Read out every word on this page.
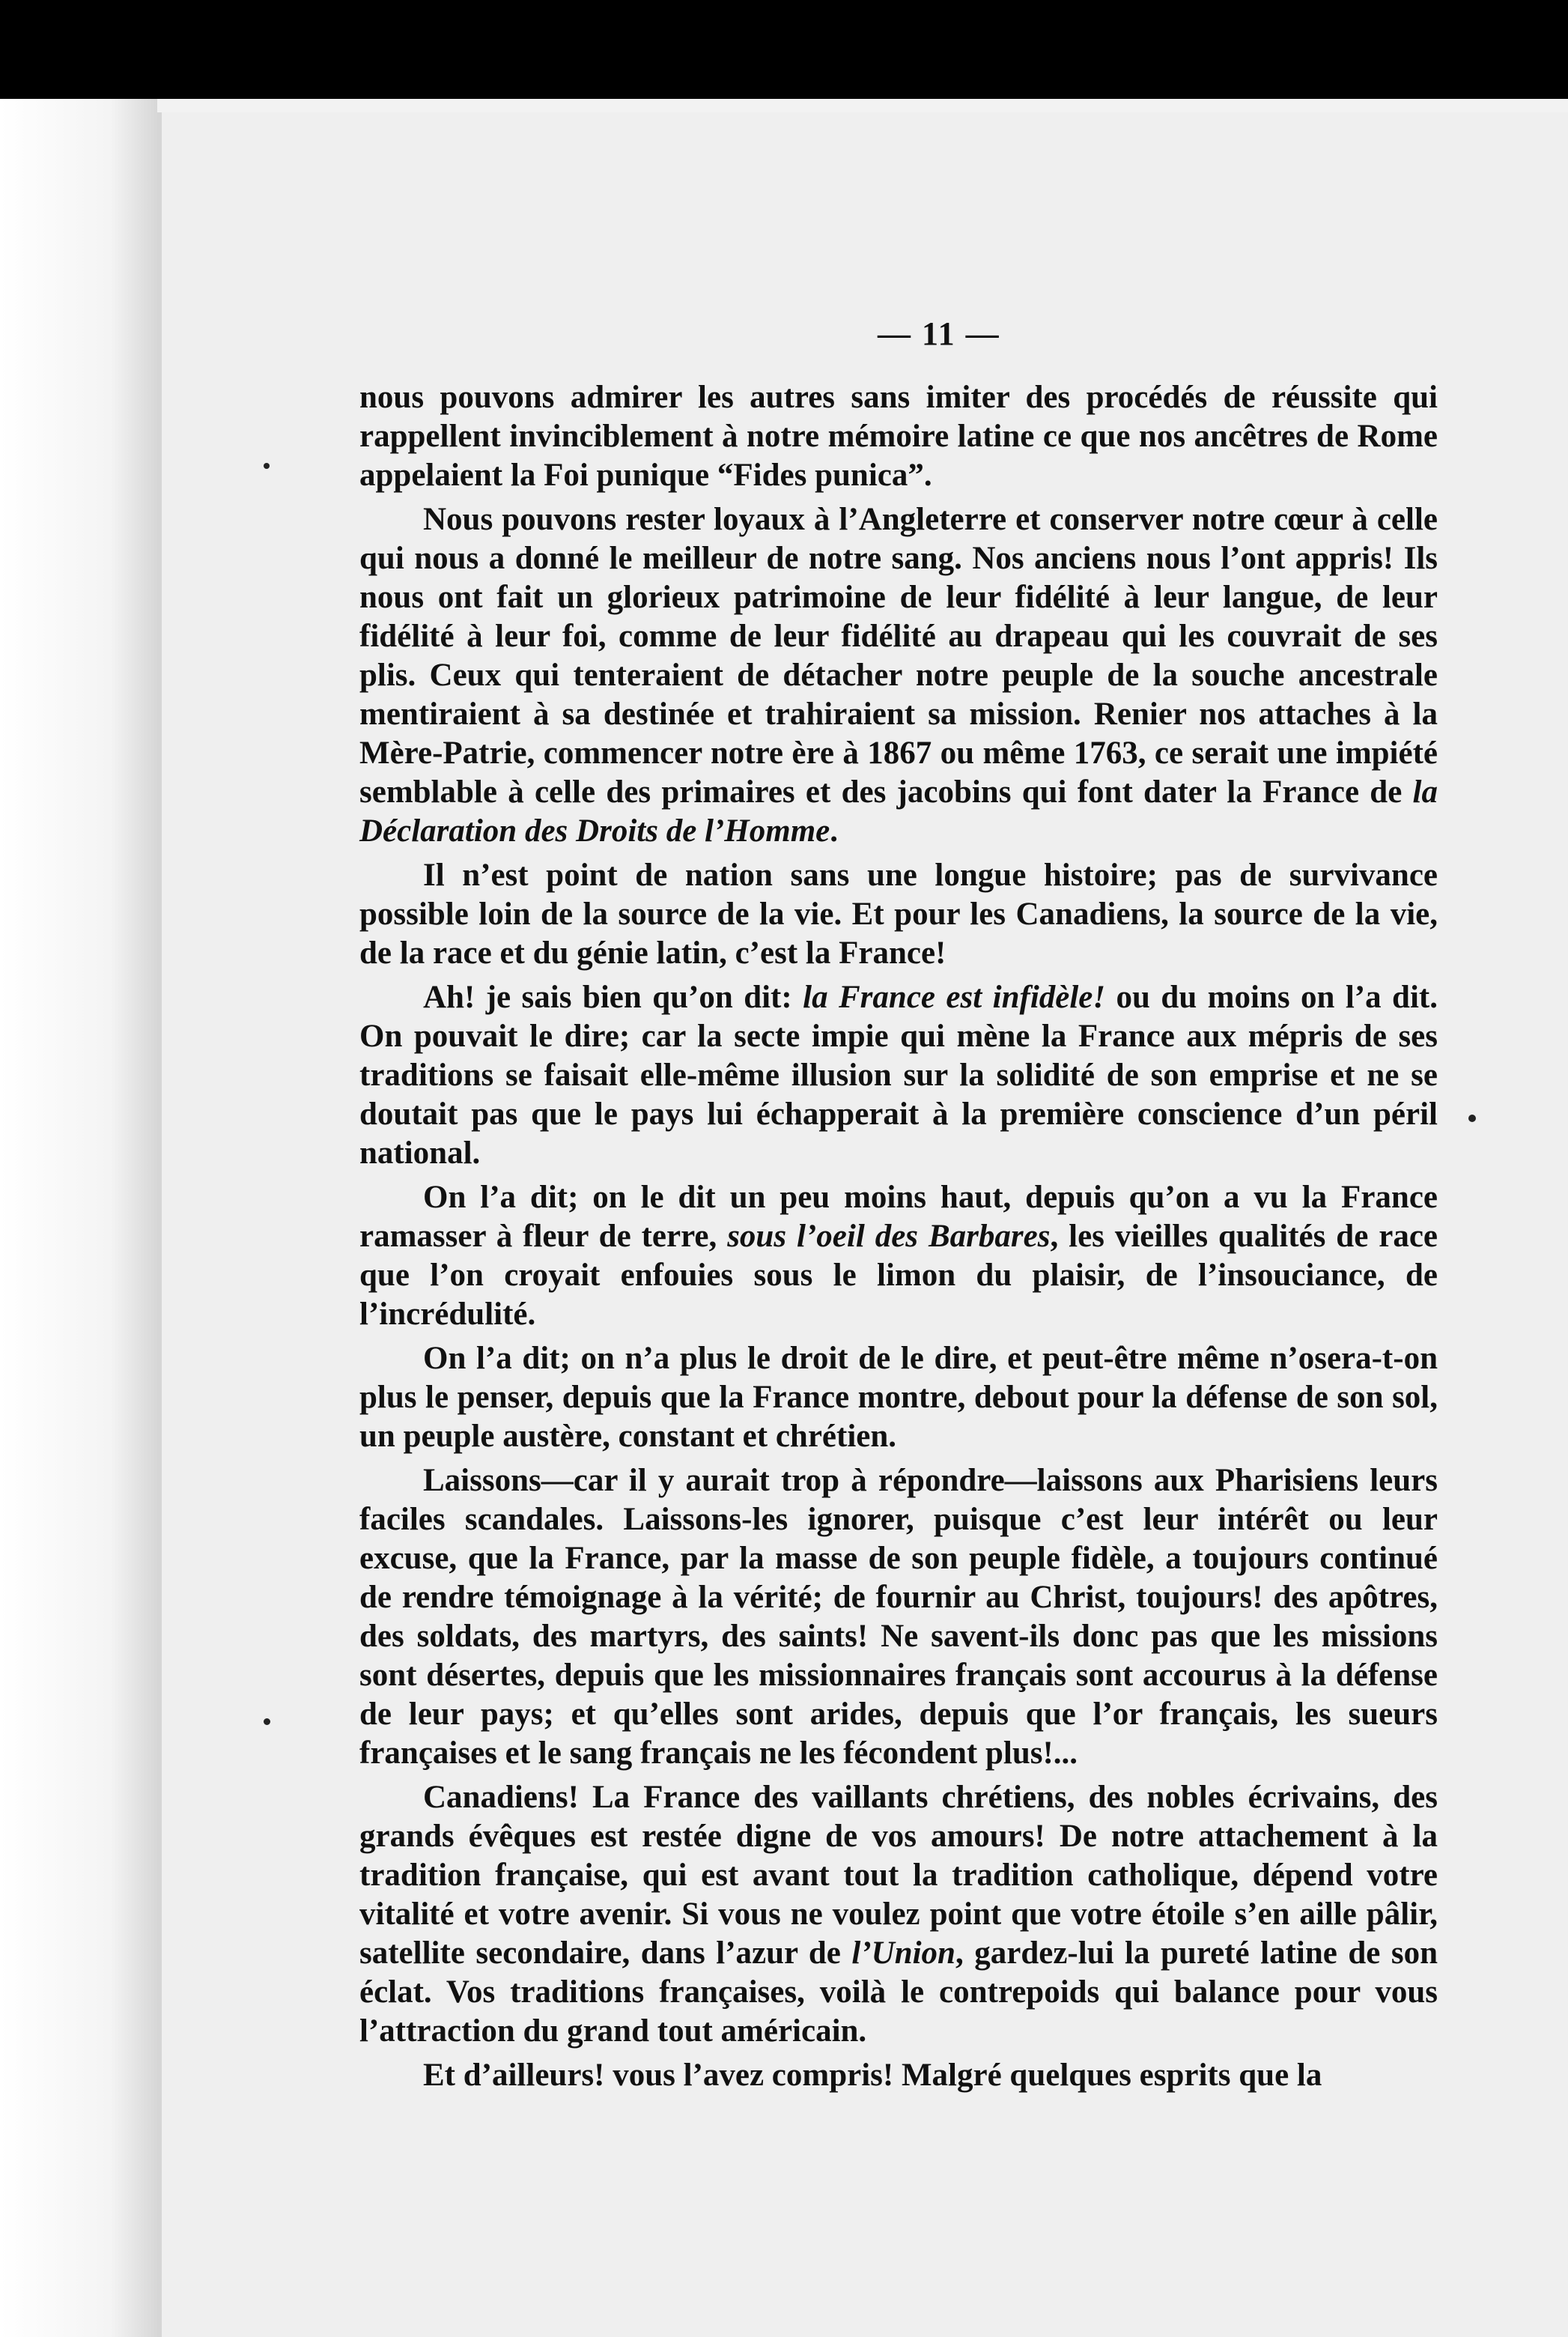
— 11 —

nous pouvons admirer les autres sans imiter des procédés de réussite qui rappellent invinciblement à notre mémoire latine ce que nos ancêtres de Rome appelaient la Foi punique “Fides punica”.

Nous pouvons rester loyaux à l’Angleterre et conserver notre cœur à celle qui nous a donné le meilleur de notre sang. Nos anciens nous l’ont appris! Ils nous ont fait un glorieux patrimoine de leur fidélité à leur langue, de leur fidélité à leur foi, comme de leur fidélité au drapeau qui les couvrait de ses plis. Ceux qui tenteraient de détacher notre peuple de la souche ancestrale mentiraient à sa destinée et trahiraient sa mission. Renier nos attaches à la Mère-Patrie, commencer notre ère à 1867 ou même 1763, ce serait une impiété semblable à celle des primaires et des jacobins qui font dater la France de la Déclaration des Droits de l’Homme.

Il n’est point de nation sans une longue histoire; pas de survivance possible loin de la source de la vie. Et pour les Canadiens, la source de la vie, de la race et du génie latin, c’est la France!

Ah! je sais bien qu’on dit: la France est infidèle! ou du moins on l’a dit. On pouvait le dire; car la secte impie qui mène la France aux mépris de ses traditions se faisait elle-même illusion sur la solidité de son emprise et ne se doutait pas que le pays lui échapperait à la première conscience d’un péril national.

On l’a dit; on le dit un peu moins haut, depuis qu’on a vu la France ramasser à fleur de terre, sous l’oeil des Barbares, les vieilles qualités de race que l’on croyait enfouies sous le limon du plaisir, de l’insouciance, de l’incrédulité.

On l’a dit; on n’a plus le droit de le dire, et peut-être même n’osera-t-on plus le penser, depuis que la France montre, debout pour la défense de son sol, un peuple austère, constant et chrétien.

Laissons—car il y aurait trop à répondre—laissons aux Pharisiens leurs faciles scandales. Laissons-les ignorer, puisque c’est leur intérêt ou leur excuse, que la France, par la masse de son peuple fidèle, a toujours continué de rendre témoignage à la vérité; de fournir au Christ, toujours! des apôtres, des soldats, des martyrs, des saints! Ne savent-ils donc pas que les missions sont désertes, depuis que les missionnaires français sont accourus à la défense de leur pays; et qu’elles sont arides, depuis que l’or français, les sueurs françaises et le sang français ne les fécondent plus!...

Canadiens! La France des vaillants chrétiens, des nobles écrivains, des grands évêques est restée digne de vos amours! De notre attachement à la tradition française, qui est avant tout la tradition catholique, dépend votre vitalité et votre avenir. Si vous ne voulez point que votre étoile s’en aille pâlir, satellite secondaire, dans l’azur de l’Union, gardez-lui la pureté latine de son éclat. Vos traditions françaises, voilà le contrepoids qui balance pour vous l’attraction du grand tout américain.

Et d’ailleurs! vous l’avez compris! Malgré quelques esprits que la
